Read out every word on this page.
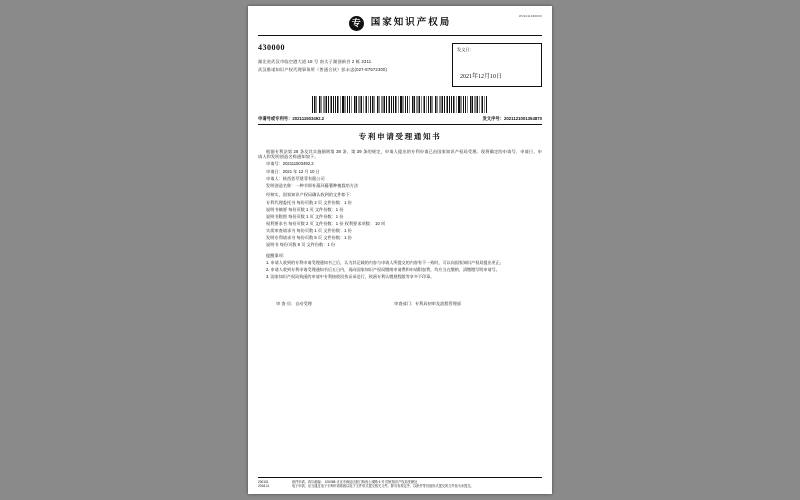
专	国家知识产权局
WJ2211000000
430000
湖北省武汉市临空港大道 18 号 南太子湖创新谷 2 栋 2311
武汉维诺知识产权代理事务所（普通合伙）彭永忠(027-87672300)
发文日：
2021年12月10日
申请号或专利号：202111503492.2	发文序号：2021121001354870
专利申请受理通知书

根据专利法第 28 条及其实施细则第 38 条、第 39 条的规定，申请人提出的专利申请已由国家知识产权局受理。现将确定的申请号、申请日、申请人和发明创造名称通知如下。

申请号：202111503492.2
申请日：2021 年 12 月 10 日
申请人：陕西荟萃建菲有限公司
发明创造名称：一种节即补蔬环藤薯种植栽培方法
经核实，国家知识产权局确认收到的文件如下：
专利代理委托书 每份页数 2 页 文件份数：1 份
说明书摘要 每份页数 1 页 文件份数：1 份
说明书附图 每份页数 1 页 文件份数：1 份
权利要求书 每份页数 2 页 文件份数：1 份 权利要求项数： 10 项
实质审查请求书 每份页数 1 页 文件份数：1 份
发明专利请求书 每份页数 5 页 文件份数：1 份
说明书 每份页数 8 页 文件份数：1 份
提醒事项：

1. 申请人收到的专利申请受理通知书之后，认为其记载的内容与申请人所提交的内容有不一致时，可以向国家知识产权局提出更正。

2. 申请人收到专利申请受理通知书后五日内，再向国家知识产权局缴纳申请费和申请附加费，均应当在缴纳、清缴缴写明申请号。

3. 国家知识产权局致函的申请中专利接收回执证承送行，致函专利认缴规程限等享多不印章。

审 查 员：自动受理	审查部门：专利局初审及流程管理部
200101
2018.11
纸件申请，四川邮编： 100088 北京市海淀区蓟门桥西土城路 6 号 国家知识产权局受理处
电子申请，应当通过电子专利申请系统以电子文件形式提交相关文件。除另有规定外，以纸件等其他形式提交的文件视为未提交。
